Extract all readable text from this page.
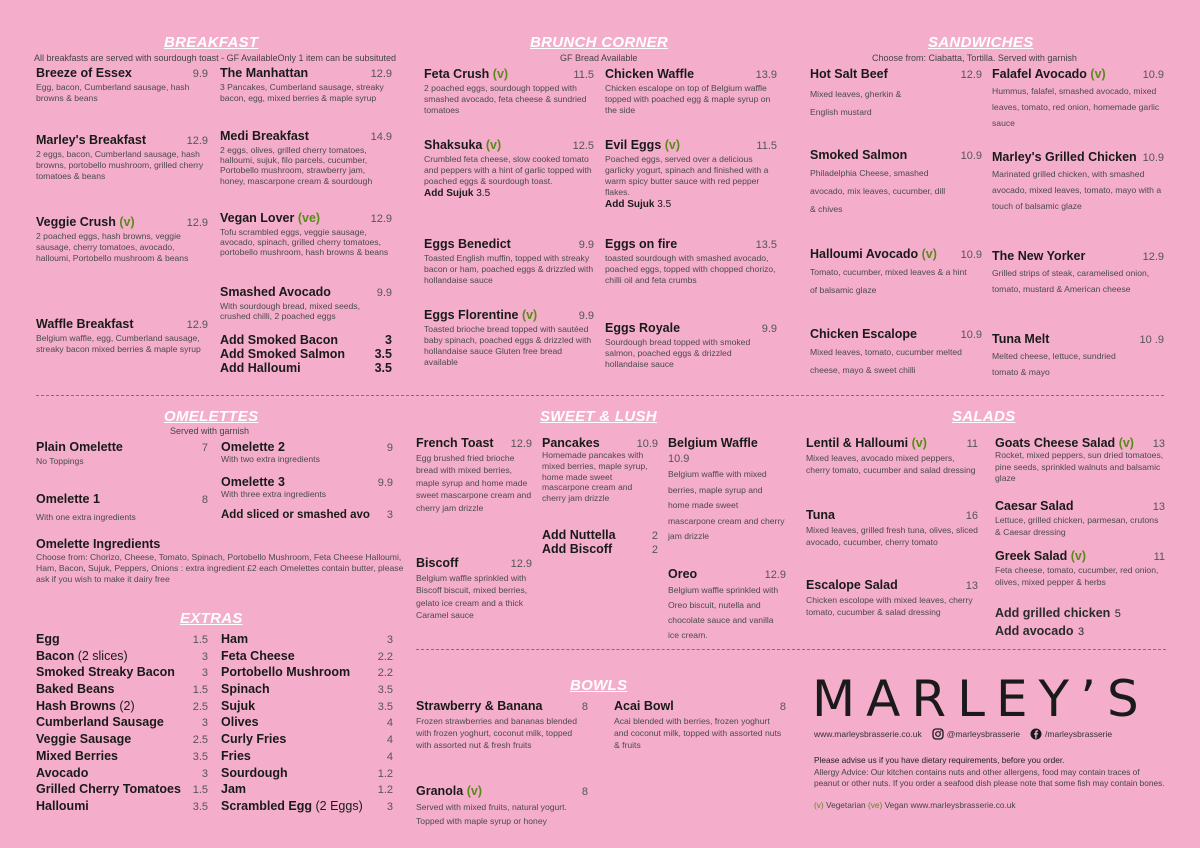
BREAKFAST
All breakfasts are served with sourdough toast - GF AvailableOnly 1 item can be subsituted
Breeze of Essex	9.9
Egg, bacon, Cumberland sausage, hash browns & beans
Marley's Breakfast	12.9
2 eggs, bacon, Cumberland sausage, hash browns, portobello mushroom, grilled cherry tomatoes & beans
Veggie Crush (v)	12.9
2 poached eggs, hash browns, veggie sausage, cherry tomatoes, avocado, halloumi, Portobello mushroom & beans
Waffle Breakfast	12.9
Belgium waffle, egg, Cumberland sausage, streaky bacon mixed berries & maple syrup
The Manhattan	12.9
3 Pancakes, Cumberland sausage, streaky bacon, egg, mixed berries & maple syrup
Medi Breakfast	14.9
2 eggs, olives, grilled cherry tomatoes, halloumi, sujuk, filo parcels, cucumber, Portobello mushroom, strawberry jam, honey, mascarpone cream & sourdough
Vegan Lover (ve)	12.9
Tofu scrambled eggs, veggie sausage, avocado, spinach, grilled cherry tomatoes, portobello mushroom, hash browns & beans
Smashed Avocado	9.9
With sourdough bread, mixed seeds, crushed chilli, 2 poached eggs
Add Smoked Bacon	3
Add Smoked Salmon 3.5
Add Halloumi	3.5
BRUNCH CORNER
GF Bread Available
Feta Crush (v)	11.5
2 poached eggs, sourdough topped with smashed avocado, feta cheese & sundried tomatoes
Shaksuka (v)	12.5
Crumbled feta cheese, slow cooked tomato and peppers with a hint of garlic topped with poached eggs & sourdough toast.
Add Sujuk 3.5
Eggs Benedict	9.9
Toasted English muffin, topped with streaky bacon or ham, poached eggs & drizzled with hollandaise sauce
Eggs Florentine (v)	9.9
Toasted brioche bread topped with sautéed baby spinach, poached eggs & drizzled with hollandaise sauce Gluten free bread available
Chicken Waffle	13.9
Chicken escalope on top of Belgium waffle topped with poached egg & maple syrup on the side
Evil Eggs (v)	11.5
Poached eggs, served over a delicious garlicky yogurt, spinach and finished with a warm spicy butter sauce with red pepper flakes.
Add Sujuk 3.5
Eggs on fire	13.5
toasted sourdough with smashed avocado, poached eggs, topped with chopped chorizo, chilli oil and feta crumbs
Eggs Royale	9.9
Sourdough bread topped with smoked salmon, poached eggs & drizzled hollandaise sauce
SANDWICHES
Choose from: Ciabatta, Tortilla. Served with garnish
Hot Salt Beef	12.9
Mixed leaves, gherkin & English mustard
Smoked Salmon	10.9
Philadelphia Cheese, smashed avocado, mix leaves, cucumber, dill & chives
Halloumi Avocado (v) 10.9
Tomato, cucumber, mixed leaves & a hint of balsamic glaze
Chicken Escalope	10.9
Mixed leaves, tomato, cucumber melted cheese, mayo & sweet chilli
Falafel Avocado (v)	10.9
Hummus, falafel, smashed avocado, mixed leaves, tomato, red onion, homemade garlic sauce
Marley's Grilled Chicken 10.9
Marinated grilled chicken, with smashed avocado, mixed leaves, tomato, mayo with a touch of balsamic glaze
The New Yorker	12.9
Grilled strips of steak, caramelised onion, tomato, mustard & American cheese
Tuna Melt	10 .9
Melted cheese, lettuce, sundried tomato & mayo
OMELETTES
Served with garnish
Plain Omelette	7
No Toppings
Omelette 1	8
With one extra ingredients
Omelette 2	9
With two extra ingredients
Omelette 3	9.9
With three extra ingredients
Add sliced or smashed avo 3
Omelette Ingredients
Choose from: Chorizo, Cheese, Tomato, Spinach, Portobello Mushroom, Feta Cheese Halloumi, Ham, Bacon, Sujuk, Peppers, Onions : extra ingredient £2 each Omelettes contain butter, please ask if you wish to make it dairy free
EXTRAS
Egg	1.5
Bacon (2 slices)	3
Smoked Streaky Bacon 3
Baked Beans	1.5
Hash Browns (2)	2.5
Cumberland Sausage	3
Veggie Sausage	2.5
Mixed Berries	3.5
Avocado	3
Grilled Cherry Tomatoes 1.5
Halloumi	3.5
Ham	3
Feta Cheese	2.2
Portobello Mushroom	2.2
Spinach	3.5
Sujuk	3.5
Olives	4
Curly Fries	4
Fries	4
Sourdough	1.2
Jam	1.2
Scrambled Egg (2 Eggs) 3
SWEET & LUSH
French Toast 12.9
Egg brushed fried brioche bread with mixed berries, maple syrup and home made sweet mascarpone cream and cherry jam drizzle
Biscoff	12.9
Belgium waffle sprinkled with Biscoff biscuit, mixed berries, gelato ice cream and a thick Caramel sauce
Pancakes	10.9
Homemade pancakes with mixed berries, maple syrup, home made sweet mascarpone cream and cherry jam drizzle
Add Nuttella	2
Add Biscoff	2
Belgium Waffle
10.9
Belgium waffle with mixed berries, maple syrup and home made sweet mascarpone cream and cherry jam drizzle
Oreo	12.9
Belgium waffle sprinkled with Oreo biscuit, nutella and chocolate sauce and vanilla ice cream.
SALADS
Lentil & Halloumi (v)	11
Mixed leaves, avocado mixed peppers, cherry tomato, cucumber and salad dressing
Tuna	16
Mixed leaves, grilled fresh tuna, olives, sliced avocado, cucumber, cherry tomato
Escalope Salad	13
Chicken escolope with mixed leaves, cherry tomato, cucumber & salad dressing
Goats Cheese Salad (v) 13
Rocket, mixed peppers, sun dried tomatoes, pine seeds, sprinkled walnuts and balsamic glaze
Caesar Salad	13
Lettuce, grilled chicken, parmesan, crutons & Caesar dressing
Greek Salad (v)	11
Feta cheese, tomato, cucumber, red onion, olives, mixed pepper & herbs
Add grilled chicken 5
Add avocado 3
BOWLS
Strawberry & Banana	8
Frozen strawberries and bananas blended with frozen yoghurt, coconut milk, topped with assorted nut & fresh fruits
Acai Bowl	8
Acai blended with berries, frozen yoghurt and coconut milk, topped with assorted nuts & fruits
Granola (v)	8
Served with mixed fruits, natural yogurt. Topped with maple syrup or honey
MARLEY’S
www.marleysbrasserie.co.uk	@marleysbrasserie	/marleysbrasserie
Please advise us if you have dietary requirements, before you order.
Allergy Advice: Our kitchen contains nuts and other allergens, food may contain traces of peanut or other nuts. If you order a seafood dish please note that some fish may contain bones.
(v) Vegetarian (ve) Vegan www.marleysbrasserie.co.uk
